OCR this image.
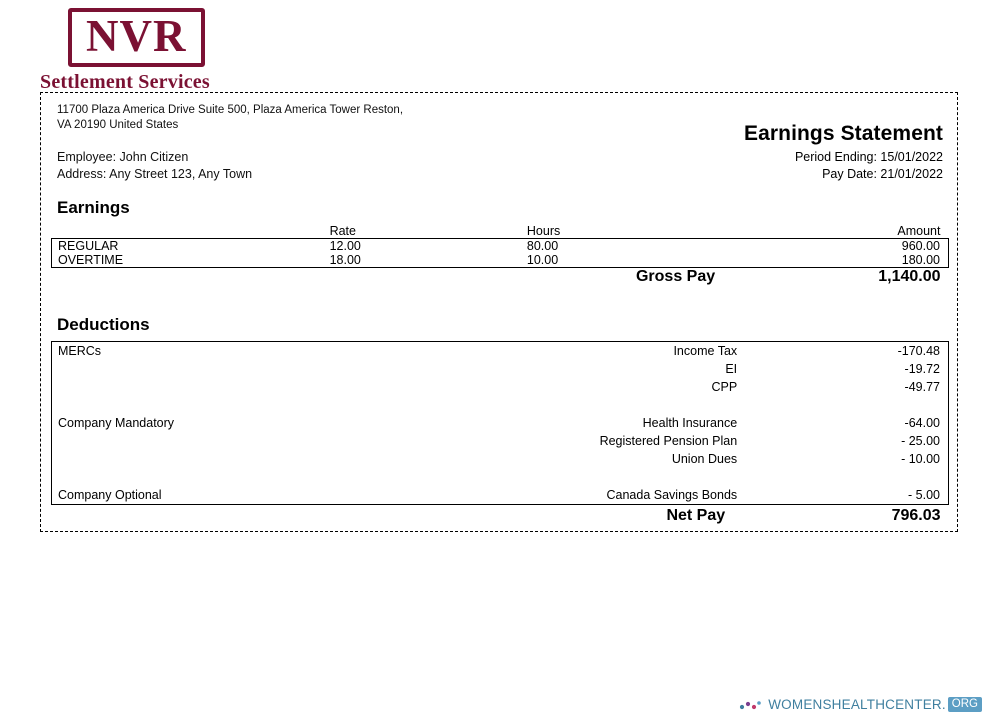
NVR
Settlement Services
11700 Plaza America Drive Suite 500, Plaza America Tower Reston,
VA 20190 United States
Employee: John Citizen
Address: Any Street 123, Any Town
Earnings Statement
Period Ending: 15/01/2022
Pay Date: 21/01/2022
Earnings
	Rate	Hours	Amount
REGULAR	12.00	80.00	960.00
OVERTIME	18.00	10.00	180.00
Gross Pay			1,140.00
Deductions
MERCs	Income Tax	-170.48
	EI	-19.72
	CPP	-49.77

Company Mandatory	Health Insurance	-64.00
	Registered Pension Plan	- 25.00
	Union Dues	- 10.00

Company Optional	Canada Savings Bonds	- 5.00
Net Pay		796.03
WOMENSHEALTHCENTER. ORG
